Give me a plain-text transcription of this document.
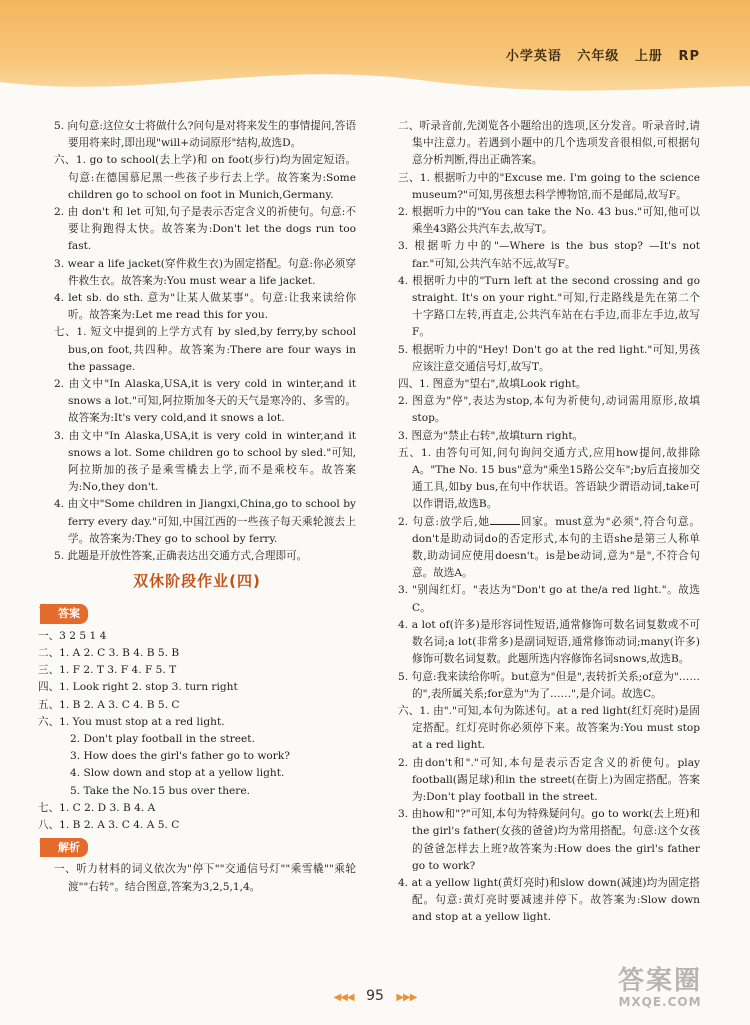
小学英语 六年级 上册 RP

5. 向句意:这位女士将做什么?问句是对将来发生的事情提问,答语要用将来时,即出现"will+动词原形"结构,故选D。

六、1. go to school(去上学)和 on foot(步行)均为固定短语。句意:在德国慕尼黑一些孩子步行去上学。故答案为:Some children go to school on foot in Munich,Germany.

2. 由 don't 和 let 可知,句子是表示否定含义的祈使句。句意:不要让狗跑得太快。故答案为:Don't let the dogs run too fast.

3. wear a life jacket(穿件救生衣)为固定搭配。句意:你必须穿件救生衣。故答案为:You must wear a life jacket.

4. let sb. do sth. 意为"让某人做某事"。句意:让我来读给你听。故答案为:Let me read this for you.

七、1. 短文中提到的上学方式有 by sled,by ferry,by school bus,on foot,共四种。故答案为:There are four ways in the passage.

2. 由文中"In Alaska,USA,it is very cold in winter,and it snows a lot."可知,阿拉斯加冬天的天气是寒冷的、多雪的。故答案为:It's very cold,and it snows a lot.

3. 由文中"In Alaska,USA,it is very cold in winter,and it snows a lot. Some children go to school by sled."可知,阿拉斯加的孩子是乘雪橇去上学,而不是乘校车。故答案为:No,they don't.

4. 由文中"Some children in Jiangxi,China,go to school by ferry every day."可知,中国江西的一些孩子每天乘轮渡去上学。故答案为:They go to school by ferry.

5. 此题是开放性答案,正确表达出交通方式,合理即可。

双休阶段作业(四)
★ 答案

一、3 2 5 1 4

二、1. A 2. C 3. B 4. B 5. B

三、1. F 2. T 3. F 4. F 5. T

四、1. Look right 2. stop 3. turn right

五、1. B 2. A 3. C 4. B 5. C

六、1. You must stop at a red light.

2. Don't play football in the street.

3. How does the girl's father go to work?

4. Slow down and stop at a yellow light.

5. Take the No.15 bus over there.

七、1. C 2. D 3. B 4. A

八、1. B 2. A 3. C 4. A 5. C

★ 解析

一、听力材料的词义依次为"停下""交通信号灯""乘雪橇""乘轮渡""右转"。结合图意,答案为3,2,5,1,4。

二、听录音前,先浏览各小题给出的选项,区分发音。听录音时,请集中注意力。若遇到小题中的几个选项发音很相似,可根据句意分析判断,得出正确答案。

三、1. 根据听力中的"Excuse me. I'm going to the science museum?"可知,男孩想去科学博物馆,而不是邮局,故写F。

2. 根据听力中的"You can take the No. 43 bus."可知,他可以乘坐43路公共汽车去,故写T。

3. 根据听力中的"—Where is the bus stop? —It's not far."可知,公共汽车站不远,故写F。

4. 根据听力中的"Turn left at the second crossing and go straight. It's on your right."可知,行走路线是先在第二个十字路口左转,再直走,公共汽车站在右手边,而非左手边,故写F。

5. 根据听力中的"Hey! Don't go at the red light."可知,男孩应该注意交通信号灯,故写T。

四、1. 图意为"望右",故填Look right。

2. 图意为"停",表达为stop,本句为祈使句,动词需用原形,故填stop。

3. 图意为"禁止右转",故填turn right。

五、1. 由答句可知,问句询问交通方式,应用how提问,故排除A。"The No. 15 bus"意为"乘坐15路公交车";by后直接加交通工具,如by bus,在句中作状语。答语缺少谓语动词,take可以作谓语,故选B。

2. 句意:放学后,她	回家。must意为"必须",符合句意。don't是助动词do的否定形式,本句的主语she是第三人称单数,助动词应使用doesn't。is是be动词,意为"是",不符合句意。故选A。

3. "别闯红灯。"表达为"Don't go at the/a red light."。故选C。

4. a lot of(许多)是形容词性短语,通常修饰可数名词复数或不可数名词;a lot(非常多)是副词短语,通常修饰动词;many(许多)修饰可数名词复数。此题所选内容修饰名词snows,故选B。

5. 句意:我来读给你听。but意为"但是",表转折关系;of意为"……的",表所属关系;for意为"为了……",是介词。故选C。

六、1. 由"."可知,本句为陈述句。at a red light(红灯亮时)是固定搭配。红灯亮时你必须停下来。故答案为:You must stop at a red light.

2. 由don't和"."可知,本句是表示否定含义的祈使句。play football(踢足球)和in the street(在街上)为固定搭配。答案为:Don't play football in the street.

3. 由how和"?"可知,本句为特殊疑问句。go to work(去上班)和the girl's father(女孩的爸爸)均为常用搭配。句意:这个女孩的爸爸怎样去上班?故答案为:How does the girl's father go to work?

4. at a yellow light(黄灯亮时)和slow down(减速)均为固定搭配。句意:黄灯亮时要减速并停下。故答案为:Slow down and stop at a yellow light.

◀◀◀ 95 ▶▶▶
答案圈
MXQE.COM
